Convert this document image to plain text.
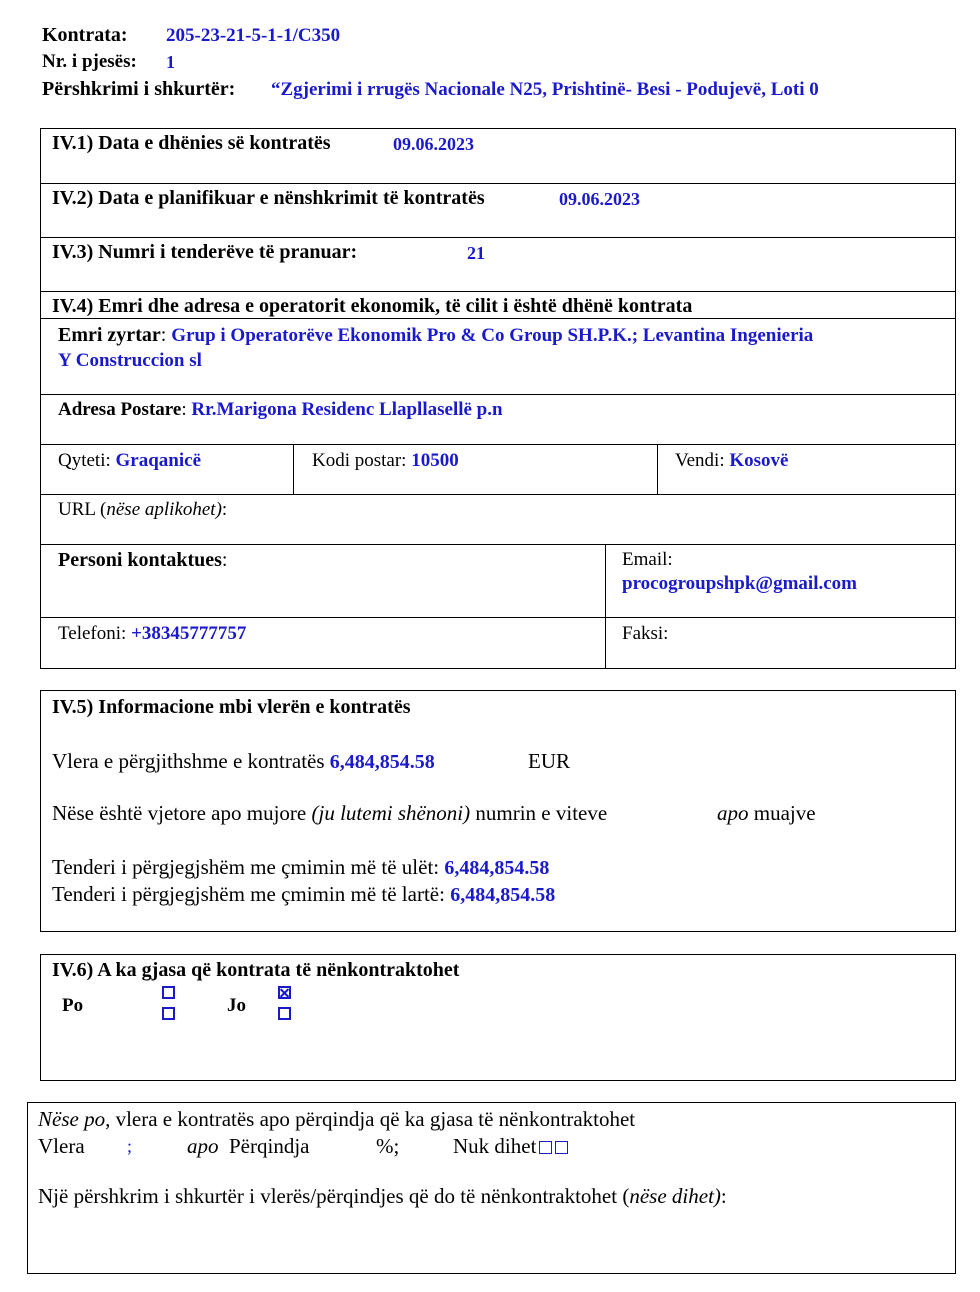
Kontrata: 205-23-21-5-1-1/C350
Nr. i pjesës: 1
Përshkrimi i shkurtër: “Zgjerimi i rrugës Nacionale N25, Prishtinë- Besi - Podujevë, Loti 0
IV.1) Data e dhënies së kontratës	09.06.2023
IV.2) Data e planifikuar e nënshkrimit të kontratës	09.06.2023
IV.3) Numri i tenderëve të pranuar:	21
IV.4) Emri dhe adresa e operatorit ekonomik, të cilit i është dhënë kontrata
Emri zyrtar: Grup i Operatorëve Ekonomik Pro & Co Group SH.P.K.; Levantina Ingenieria
Y Construccion sl
Adresa Postare: Rr.Marigona Residenc Llapllasellë p.n
Qyteti: Graqanicë	Kodi postar: 10500	Vendi: Kosovë
URL (nëse aplikohet):
Personi kontaktues:	Email:
procogroupshpk@gmail.com
Telefoni: +38345777757	Faksi:
IV.5) Informacione mbi vlerën e kontratës
Vlera e përgjithshme e kontratës 6,484,854.58	EUR
Nëse është vjetore apo mujore (ju lutemi shënoni) numrin e viteve	apo muajve
Tenderi i përgjegjshëm me çmimin më të ulët: 6,484,854.58
Tenderi i përgjegjshëm me çmimin më të lartë: 6,484,854.58
IV.6) A ka gjasa që kontrata të nënkontraktohet
Po	Jo
Nëse po, vlera e kontratës apo përqindja që ka gjasa të nënkontraktohet
Vlera ;	apo Përqindja	%;	Nuk dihet
Një përshkrim i shkurtër i vlerës/përqindjes që do të nënkontraktohet (nëse dihet):
